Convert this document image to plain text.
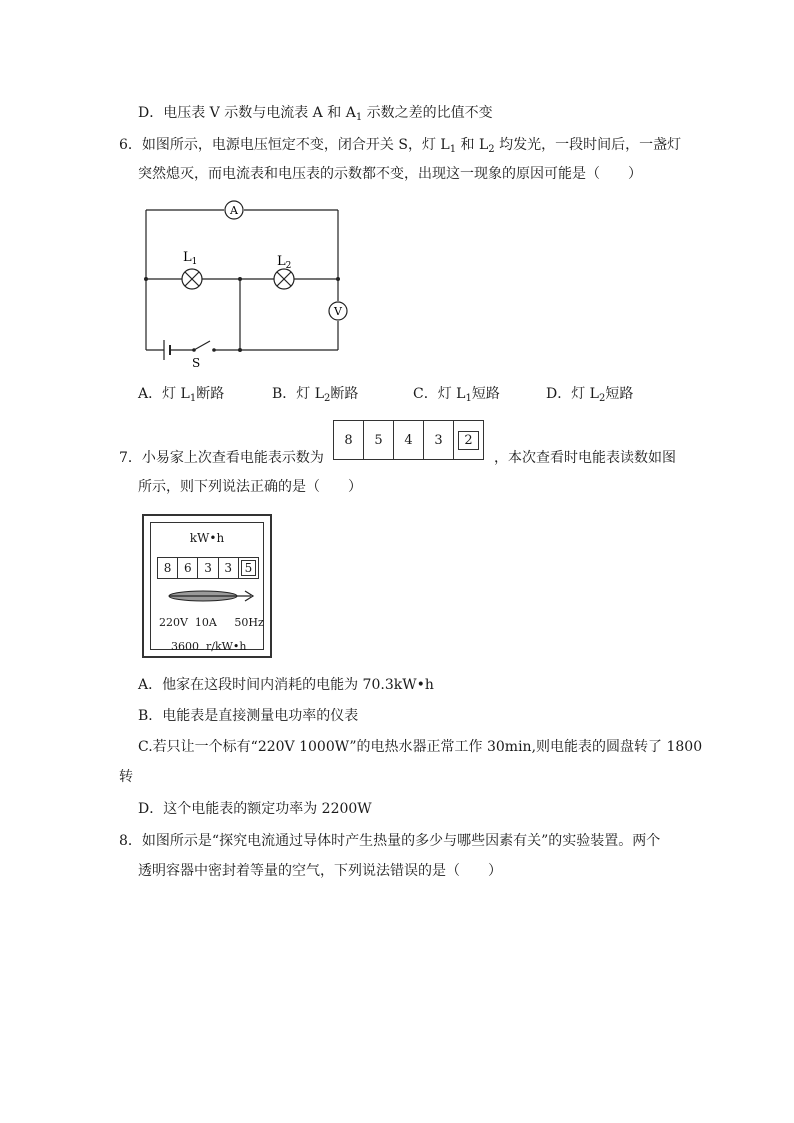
D．电压表 V 示数与电流表 A 和 $A_1$ 示数之差的比值不变
6．如图所示，电源电压恒定不变，闭合开关 S，灯 $L_1$ 和 $L_2$ 均发光，一段时间后，一盏灯
突然熄灭，而电流表和电压表的示数都不变，出现这一现象的原因可能是（　　）
A
V
$L_1$	$L_2$
S
A．灯 $L_1$断路	B．灯 $L_2$断路	C．灯 $L_1$短路	D．灯 $L_2$短路
7．小易家上次查看电能表示数为
8 5 4 3	2
，本次查看时电能表读数如图
所示，则下列说法正确的是（　　）
kW•h
8 6 3 3	5
220V  10A     50Hz
3600  r/kW•h
A．他家在这段时间内消耗的电能为 70.3kW•h
B．电能表是直接测量电功率的仪表
C.若只让一个标有“220V 1000W”的电热水器正常工作 30min,则电能表的圆盘转了 1800
转
D．这个电能表的额定功率为 2200W
8．如图所示是“探究电流通过导体时产生热量的多少与哪些因素有关”的实验装置。两个
透明容器中密封着等量的空气，下列说法错误的是（　　）
